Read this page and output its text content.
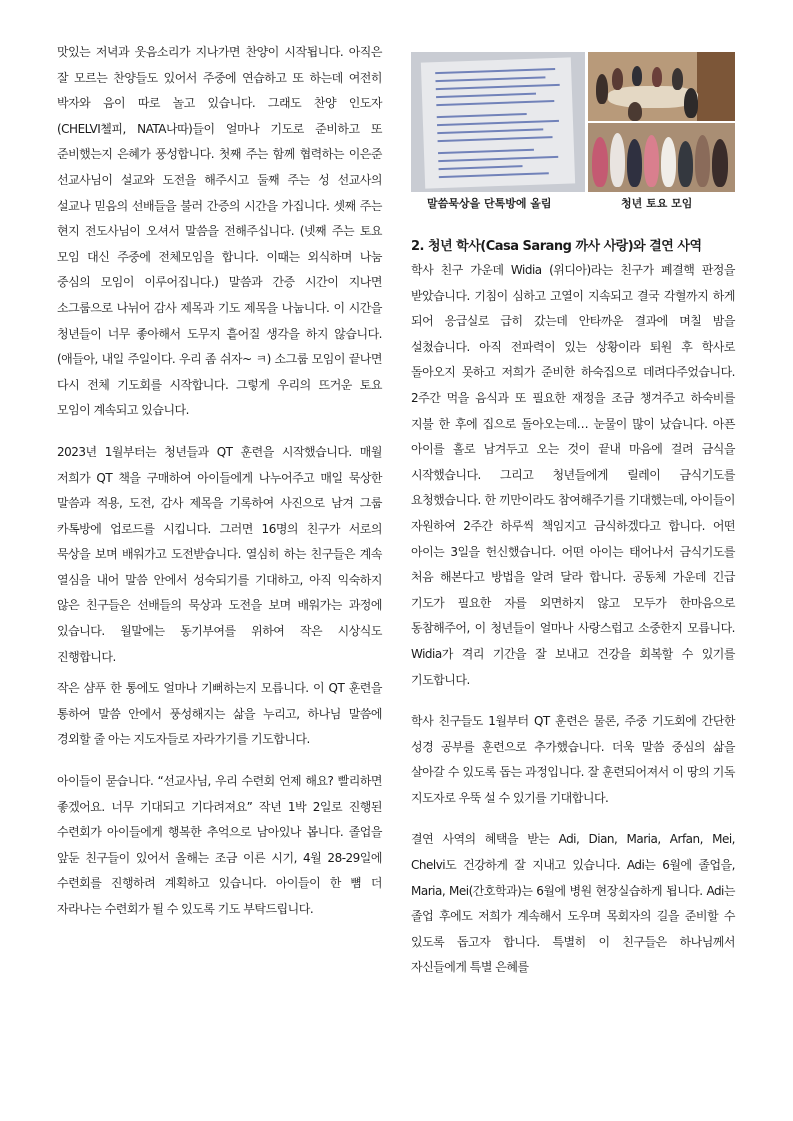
맛있는 저녁과 웃음소리가 지나가면 찬양이 시작됩니다. 아직은 잘 모르는 찬양들도 있어서 주중에 연습하고 또 하는데 여전히 박자와 음이 따로 놀고 있습니다. 그래도 찬양 인도자 (CHELVI첼피, NATA나따)들이 얼마나 기도로 준비하고 또 준비했는지 은혜가 풍성합니다. 첫째 주는 함께 협력하는 이은준 선교사님이 설교와 도전을 해주시고 둘째 주는 성 선교사의 설교나 믿음의 선배들을 불러 간증의 시간을 가집니다. 셋째 주는 현지 전도사님이 오셔서 말씀을 전해주십니다. (넷째 주는 토요 모임 대신 주중에 전체모임을 합니다. 이때는 외식하며 나눔 중심의 모임이 이루어집니다.) 말씀과 간증 시간이 지나면 소그룹으로 나뉘어 감사 제목과 기도 제목을 나눕니다. 이 시간을 청년들이 너무 좋아해서 도무지 흩어질 생각을 하지 않습니다. (애들아, 내일 주일이다. 우리 좀 쉬자~ ㅋ) 소그룹 모임이 끝나면 다시 전체 기도회를 시작합니다. 그렇게 우리의 뜨거운 토요 모임이 계속되고 있습니다.

2023년 1월부터는 청년들과 QT 훈련을 시작했습니다. 매월 저희가 QT 책을 구매하여 아이들에게 나누어주고 매일 묵상한 말씀과 적용, 도전, 감사 제목을 기록하여 사진으로 남겨 그룹 카톡방에 업로드를 시킵니다. 그러면 16명의 친구가 서로의 묵상을 보며 배워가고 도전받습니다. 열심히 하는 친구들은 계속 열심을 내어 말씀 안에서 성숙되기를 기대하고, 아직 익숙하지 않은 친구들은 선배들의 묵상과 도전을 보며 배워가는 과정에 있습니다. 월말에는 동기부여를 위하여 작은 시상식도 진행합니다.

작은 샴푸 한 통에도 얼마나 기뻐하는지 모릅니다. 이 QT 훈련을 통하여 말씀 안에서 풍성해지는 삶을 누리고, 하나님 말씀에 경외할 줄 아는 지도자들로 자라가기를 기도합니다.

아이들이 묻습니다. “선교사님, 우리 수련회 언제 해요? 빨리하면 좋겠어요. 너무 기대되고 기다려져요” 작년 1박 2일로 진행된 수련회가 아이들에게 행복한 추억으로 남아있나 봅니다. 졸업을 앞둔 친구들이 있어서 올해는 조금 이른 시기, 4월 28-29일에 수련회를 진행하려 계획하고 있습니다. 아이들이 한 뼘 더 자라나는 수련회가 될 수 있도록 기도 부탁드립니다.

말씀묵상을 단톡방에 올림	청년 토요 모임
2. 청년 학사(Casa Sarang 까사 사랑)와 결연 사역

학사 친구 가운데 Widia (위디아)라는 친구가 폐결핵 판정을 받았습니다. 기침이 심하고 고열이 지속되고 결국 각혈까지 하게 되어 응급실로 급히 갔는데 안타까운 결과에 며칠 밤을 설쳤습니다. 아직 전파력이 있는 상황이라 퇴원 후 학사로 돌아오지 못하고 저희가 준비한 하숙집으로 데려다주었습니다. 2주간 먹을 음식과 또 필요한 재정을 조금 챙겨주고 하숙비를 지불 한 후에 집으로 돌아오는데… 눈물이 많이 났습니다. 아픈 아이를 홀로 남겨두고 오는 것이 끝내 마음에 걸려 금식을 시작했습니다. 그리고 청년들에게 릴레이 금식기도를 요청했습니다. 한 끼만이라도 참여해주기를 기대했는데, 아이들이 자원하여 2주간 하루씩 책임지고 금식하겠다고 합니다. 어떤 아이는 3일을 헌신했습니다. 어떤 아이는 태어나서 금식기도를 처음 해본다고 방법을 알려 달라 합니다. 공동체 가운데 긴급 기도가 필요한 자를 외면하지 않고 모두가 한마음으로 동참해주어, 이 청년들이 얼마나 사랑스럽고 소중한지 모릅니다. Widia가 격리 기간을 잘 보내고 건강을 회복할 수 있기를 기도합니다.

학사 친구들도 1월부터 QT 훈련은 물론, 주중 기도회에 간단한 성경 공부를 훈련으로 추가했습니다. 더욱 말씀 중심의 삶을 살아갈 수 있도록 돕는 과정입니다. 잘 훈련되어져서 이 땅의 기독 지도자로 우뚝 설 수 있기를 기대합니다.

결연 사역의 혜택을 받는 Adi, Dian, Maria, Arfan, Mei, Chelvi도 건강하게 잘 지내고 있습니다. Adi는 6월에 졸업을, Maria, Mei(간호학과)는 6월에 병원 현장실습하게 됩니다. Adi는 졸업 후에도 저희가 계속해서 도우며 목회자의 길을 준비할 수 있도록 돕고자 합니다. 특별히 이 친구들은 하나님께서 자신들에게 특별 은혜를
